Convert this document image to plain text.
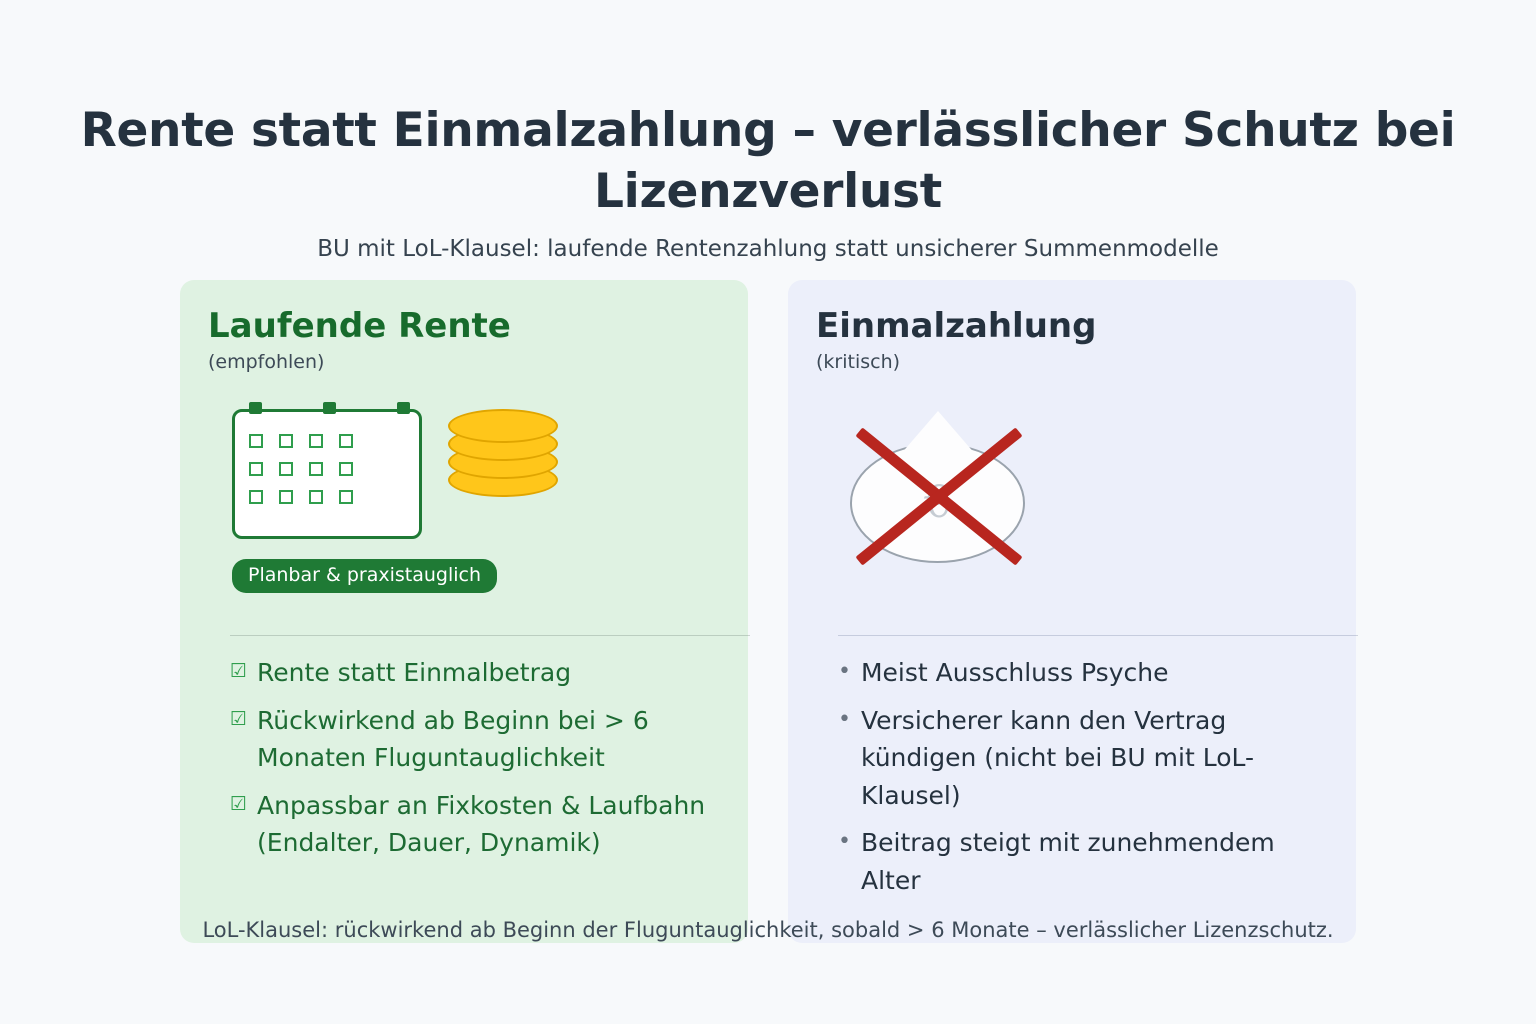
Rente statt Einmalzahlung – verlässlicher Schutz bei Lizenzverlust
BU mit LoL-Klausel: laufende Rentenzahlung statt unsicherer Summenmodelle
Laufende Rente
(empfohlen)
Planbar & praxistauglich
☑ Rente statt Einmalbetrag
☑ Rückwirkend ab Beginn bei > 6 Monaten Fluguntauglichkeit
☑ Anpassbar an Fixkosten & Laufbahn (Endalter, Dauer, Dynamik)
Einmalzahlung
(kritisch)
• Meist Ausschluss Psyche
• Versicherer kann den Vertrag kündigen (nicht bei BU mit LoL-Klausel)
• Beitrag steigt mit zunehmendem Alter
LoL-Klausel: rückwirkend ab Beginn der Fluguntauglichkeit, sobald > 6 Monate – verlässlicher Lizenzschutz.
